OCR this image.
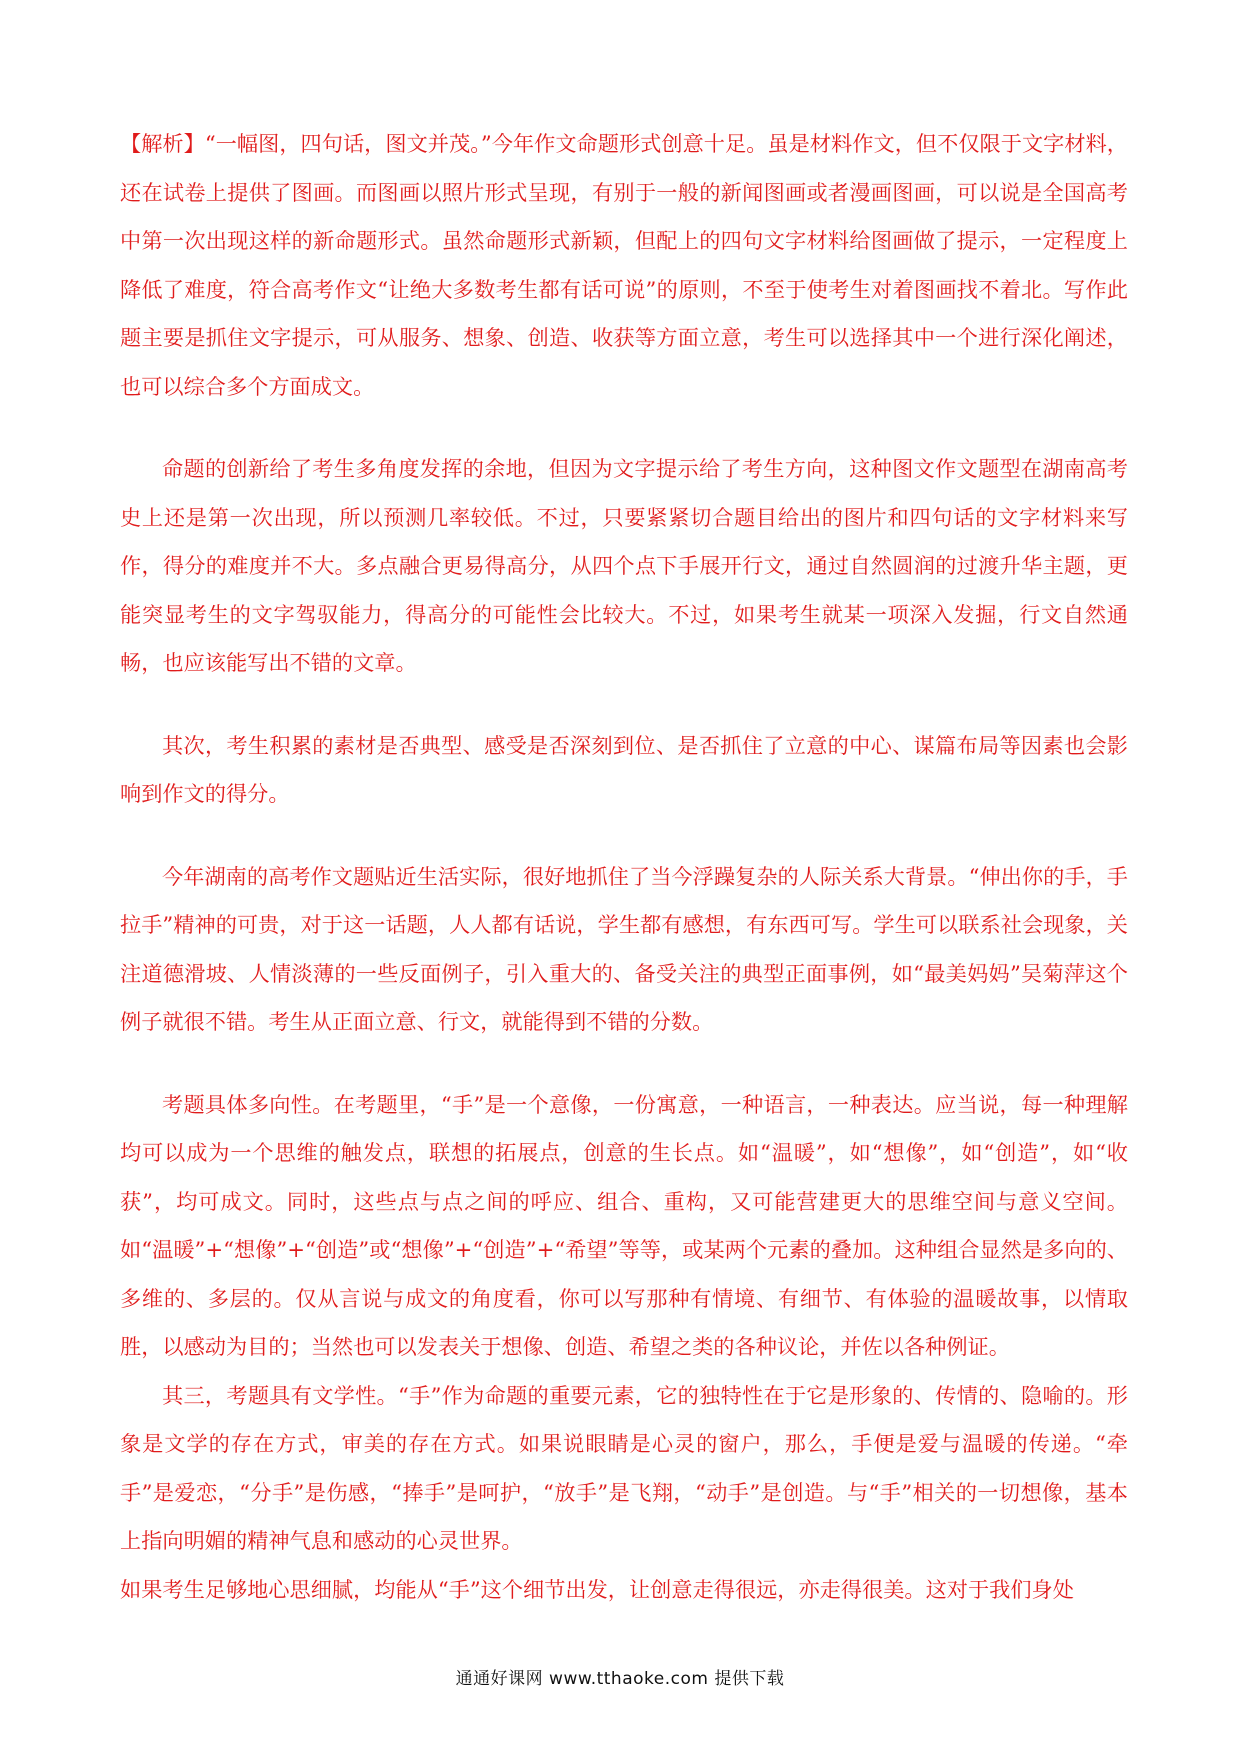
【解析】“一幅图，四句话，图文并茂。”今年作文命题形式创意十足。虽是材料作文，但不仅限于文字材料，还在试卷上提供了图画。而图画以照片形式呈现，有别于一般的新闻图画或者漫画图画，可以说是全国高考中第一次出现这样的新命题形式。虽然命题形式新颖，但配上的四句文字材料给图画做了提示，一定程度上降低了难度，符合高考作文“让绝大多数考生都有话可说”的原则，不至于使考生对着图画找不着北。写作此题主要是抓住文字提示，可从服务、想象、创造、收获等方面立意，考生可以选择其中一个进行深化阐述，也可以综合多个方面成文。

命题的创新给了考生多角度发挥的余地，但因为文字提示给了考生方向，这种图文作文题型在湖南高考史上还是第一次出现，所以预测几率较低。不过，只要紧紧切合题目给出的图片和四句话的文字材料来写作，得分的难度并不大。多点融合更易得高分，从四个点下手展开行文，通过自然圆润的过渡升华主题，更能突显考生的文字驾驭能力，得高分的可能性会比较大。不过，如果考生就某一项深入发掘，行文自然通畅，也应该能写出不错的文章。

其次，考生积累的素材是否典型、感受是否深刻到位、是否抓住了立意的中心、谋篇布局等因素也会影响到作文的得分。

今年湖南的高考作文题贴近生活实际，很好地抓住了当今浮躁复杂的人际关系大背景。“伸出你的手，手拉手”精神的可贵，对于这一话题，人人都有话说，学生都有感想，有东西可写。学生可以联系社会现象，关注道德滑坡、人情淡薄的一些反面例子，引入重大的、备受关注的典型正面事例，如“最美妈妈”吴菊萍这个例子就很不错。考生从正面立意、行文，就能得到不错的分数。

考题具体多向性。在考题里，“手”是一个意像，一份寓意，一种语言，一种表达。应当说，每一种理解均可以成为一个思维的触发点，联想的拓展点，创意的生长点。如“温暖”，如“想像”，如“创造”，如“收获”，均可成文。同时，这些点与点之间的呼应、组合、重构，又可能营建更大的思维空间与意义空间。如“温暖”+“想像”+“创造”或“想像”+“创造”+“希望”等等，或某两个元素的叠加。这种组合显然是多向的、多维的、多层的。仅从言说与成文的角度看，你可以写那种有情境、有细节、有体验的温暖故事，以情取胜，以感动为目的；当然也可以发表关于想像、创造、希望之类的各种议论，并佐以各种例证。

其三，考题具有文学性。“手”作为命题的重要元素，它的独特性在于它是形象的、传情的、隐喻的。形象是文学的存在方式，审美的存在方式。如果说眼睛是心灵的窗户，那么，手便是爱与温暖的传递。“牵手”是爱恋，“分手”是伤感，“捧手”是呵护，“放手”是飞翔，“动手”是创造。与“手”相关的一切想像，基本上指向明媚的精神气息和感动的心灵世界。

如果考生足够地心思细腻，均能从“手”这个细节出发，让创意走得很远，亦走得很美。这对于我们身处

通通好课网 www.tthaoke.com 提供下载
